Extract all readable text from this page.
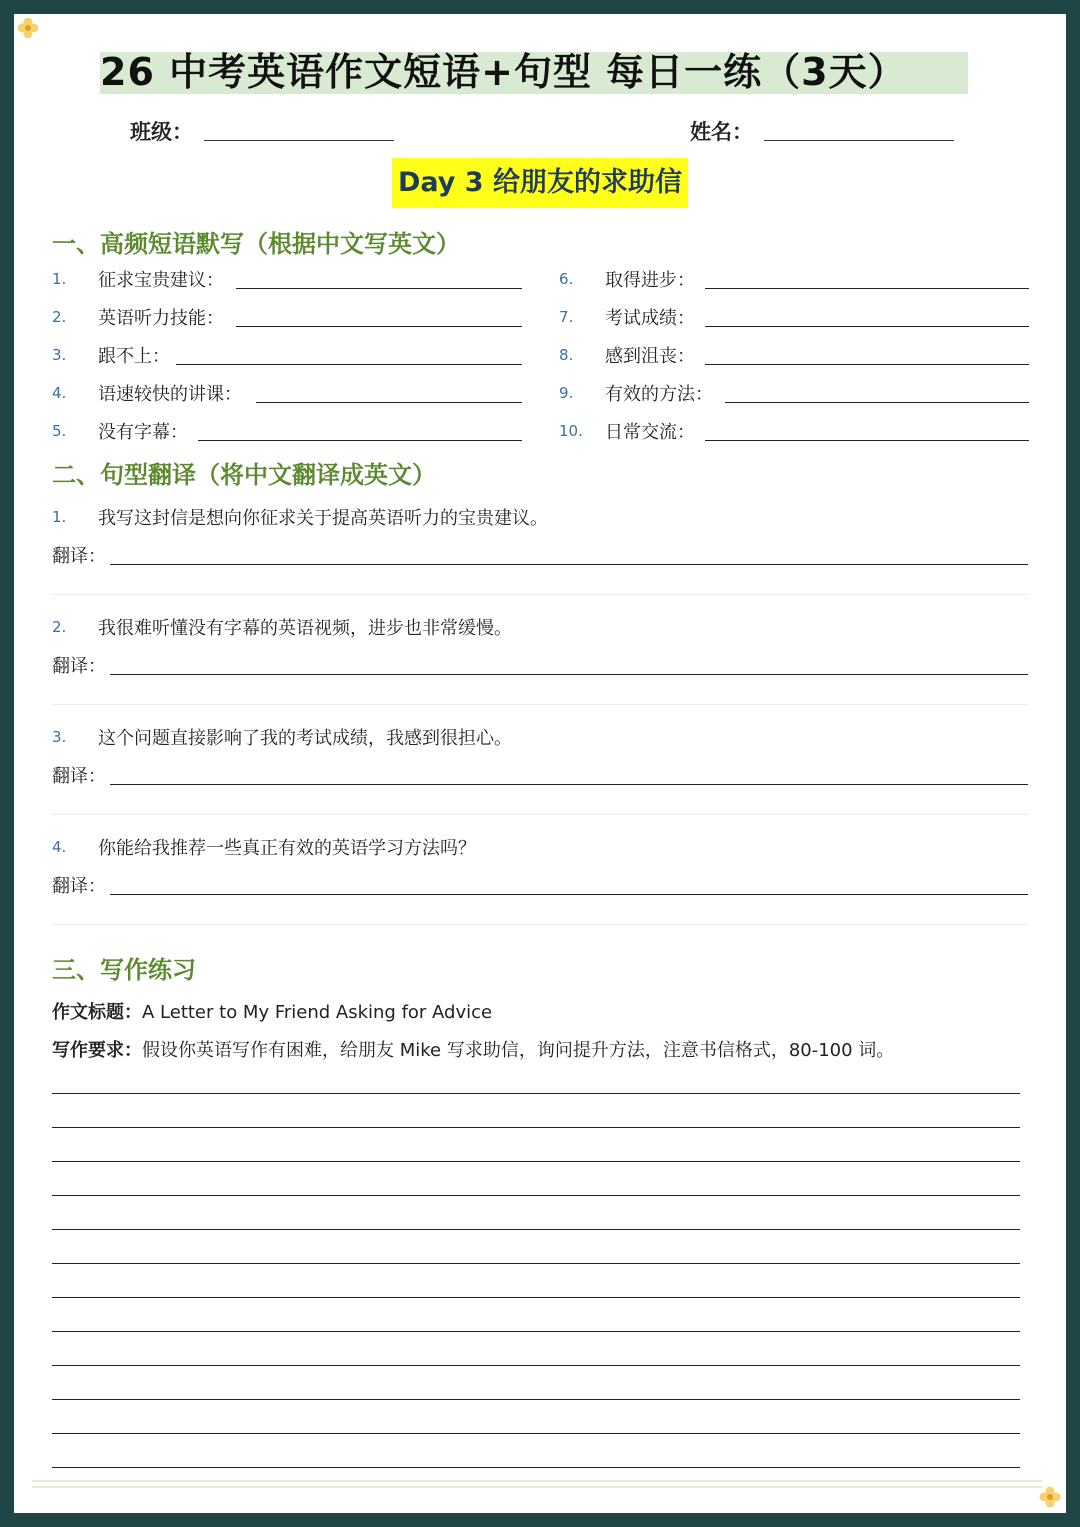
26 中考英语作文短语+句型 每日一练（3天）
班级：	姓名：
Day 3 给朋友的求助信
一、高频短语默写（根据中文写英文）
1. 征求宝贵建议：
2. 英语听力技能：
3. 跟不上：
4. 语速较快的讲课：
5. 没有字幕：
6. 取得进步：
7. 考试成绩：
8. 感到沮丧：
9. 有效的方法：
10. 日常交流：
二、句型翻译（将中文翻译成英文）
1. 我写这封信是想向你征求关于提高英语听力的宝贵建议。
翻译：
2. 我很难听懂没有字幕的英语视频，进步也非常缓慢。
翻译：
3. 这个问题直接影响了我的考试成绩，我感到很担心。
翻译：
4. 你能给我推荐一些真正有效的英语学习方法吗？
翻译：
三、写作练习
作文标题：A Letter to My Friend Asking for Advice
写作要求：假设你英语写作有困难，给朋友 Mike 写求助信，询问提升方法，注意书信格式，80-100 词。
